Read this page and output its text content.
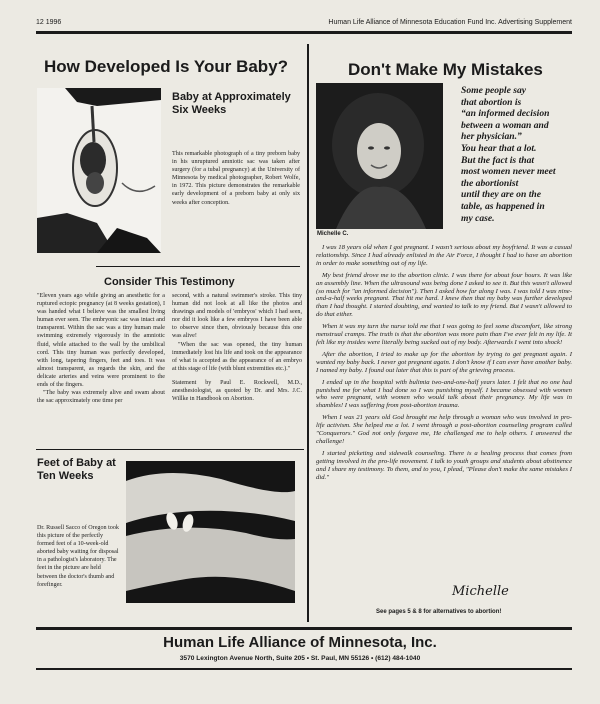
12 1996	Human Life Alliance of Minnesota Education Fund Inc. Advertising Supplement
How Developed Is Your Baby?
Baby at Approximately
Six Weeks
This remarkable photograph of a tiny preborn baby in his unruptured amniotic sac was taken after surgery (for a tubal pregnancy) at the University of Minnesota by medical photographer, Robert Wolfe, in 1972. This picture demonstrates the remarkable early development of a preborn baby at only six weeks after conception.
Consider This Testimony
"Eleven years ago while giving an anesthetic for a ruptured ectopic pregnancy (at 8 weeks gestation), I was handed what I believe was the smallest living human ever seen. The embryonic sac was intact and transparent. Within the sac was a tiny human male swimming extremely vigorously in the amniotic fluid, while attached to the wall by the umbilical cord. This tiny human was perfectly developed, with long, tapering fingers, feet and toes. It was almost transparent, as regards the skin, and the delicate arteries and veins were prominent to the ends of the fingers.
"The baby was extremely alive and swam about the sac approximately one time per
second, with a natural swimmer's stroke. This tiny human did not look at all like the photos and drawings and models of 'embryos' which I had seen, nor did it look like a few embryos I have been able to observe since then, obviously because this one was alive!
"When the sac was opened, the tiny human immediately lost his life and took on the appearance of what is accepted as the appearance of an embryo at this stage of life (with blunt extremities etc.)."
Statement by Paul E. Rockwell, M.D., anesthesiologist, as quoted by Dr. and Mrs. J.C. Willke in Handbook on Abortion.
Feet of Baby at
Ten Weeks
Dr. Russell Sacco of Oregon took this picture of the perfectly formed feet of a 10-week-old aborted baby waiting for disposal in a pathologist's laboratory. The feet in the picture are held between the doctor's thumb and forefinger.
Don't Make My Mistakes
Michelle C.
Some people say
that abortion is
“an informed decision
between a woman and
her physician.”
You hear that a lot.
But the fact is that
most women never meet
the abortionist
until they are on the
table, as happened in
my case.

I was 18 years old when I got pregnant. I wasn't serious about my boyfriend. It was a casual relationship. Since I had already enlisted in the Air Force, I thought I had to have an abortion in order to make something out of my life.

My best friend drove me to the abortion clinic. I was there for about four hours. It was like an assembly line. When the ultrasound was being done I asked to see it. But this wasn't allowed (so much for "an informed decision"). Then I asked how far along I was. I was told I was nine-and-a-half weeks pregnant. That hit me hard. I knew then that my baby was further developed than I had thought. I started doubting, and wanted to talk to my friend. But I wasn't allowed to do that either.

When it was my turn the nurse told me that I was going to feel some discomfort, like strong menstrual cramps. The truth is that the abortion was more pain than I've ever felt in my life. It felt like my insides were literally being sucked out of my body. Afterwards I went into shock!

After the abortion, I tried to make up for the abortion by trying to get pregnant again. I wanted my baby back. I never got pregnant again. I don't know if I can ever have another baby. I named my baby. I found out later that this is part of the grieving process.

I ended up in the hospital with bulimia two-and-one-half years later. I felt that no one had punished me for what I had done so I was punishing myself. I became obsessed with women who were pregnant, with women who would talk about their pregnancy. My life was in shambles! I was suffering from post-abortion trauma.

When I was 21 years old God brought me help through a woman who was involved in pro-life activism. She helped me a lot. I went through a post-abortion counseling program called "Conquerors." God not only forgave me, He challenged me to help others. I answered the challenge!

I started picketing and sidewalk counseling. There is a healing process that comes from getting involved in the pro-life movement. I talk to youth groups and students about abstinence and I share my testimony. To them, and to you, I plead, "Please don't make the same mistakes I did."

Michelle
See pages 5 & 8 for alternatives to abortion!
Human Life Alliance of Minnesota, Inc.
3570 Lexington Avenue North, Suite 205 • St. Paul, MN 55126 • (612) 484-1040
